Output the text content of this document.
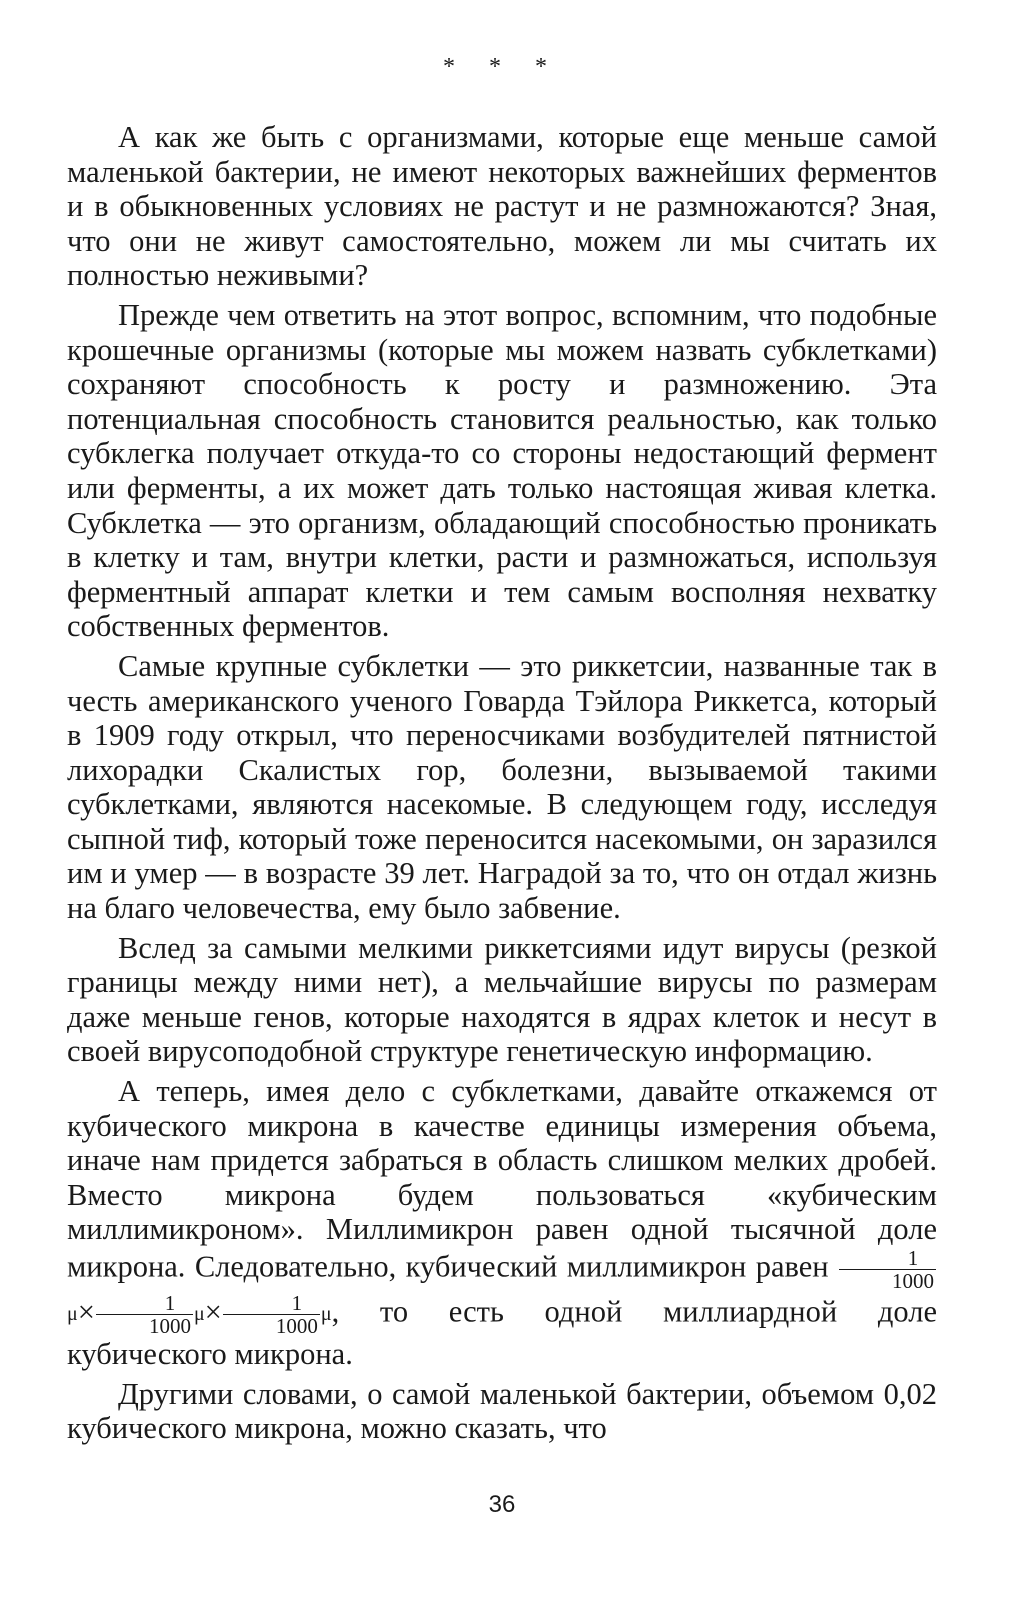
* * *

А как же быть с организмами, которые еще меньше самой маленькой бактерии, не имеют некоторых важнейших ферментов и в обыкновенных условиях не растут и не размножаются? Зная, что они не живут самостоятельно, можем ли мы считать их полностью неживыми?

Прежде чем ответить на этот вопрос, вспомним, что подобные крошечные организмы (которые мы можем назвать субклетками) сохраняют способность к росту и размножению. Эта потенциальная способность становится реальностью, как только субклегка получает откуда-то со стороны недостающий фермент или ферменты, а их может дать только настоящая живая клетка. Субклетка — это организм, обладающий способностью проникать в клетку и там, внутри клетки, расти и размножаться, используя ферментный аппарат клетки и тем самым восполняя нехватку собственных ферментов.

Самые крупные субклетки — это риккетсии, названные так в честь американского ученого Говарда Тэйлора Риккетса, который в 1909 году открыл, что переносчиками возбудителей пятнистой лихорадки Скалистых гор, болезни, вызываемой такими субклетками, являются насекомые. В следующем году, исследуя сыпной тиф, который тоже переносится насекомыми, он заразился им и умер — в возрасте 39 лет. Наградой за то, что он отдал жизнь на благо человечества, ему было забвение.

Вслед за самыми мелкими риккетсиями идут вирусы (резкой границы между ними нет), а мельчайшие вирусы по размерам даже меньше генов, которые находятся в ядрах клеток и несут в своей вирусоподобной структуре генетическую информацию.

А теперь, имея дело с субклетками, давайте откажемся от кубического микрона в качестве единицы измерения объема, иначе нам придется забраться в область слишком мелких дробей. Вместо микрона будем пользоваться «кубическим миллимикроном». Миллимикрон равен одной тысячной доле микрона. Следовательно, кубический миллимикрон равен $\frac{1}{1000}$
$\mu\times \frac{1}{1000} \mu\times \frac{1}{1000} \mu$, то есть одной миллиардной доле кубического микрона.

Другими словами, о самой маленькой бактерии, объемом 0,02 кубического микрона, можно сказать, что

36
